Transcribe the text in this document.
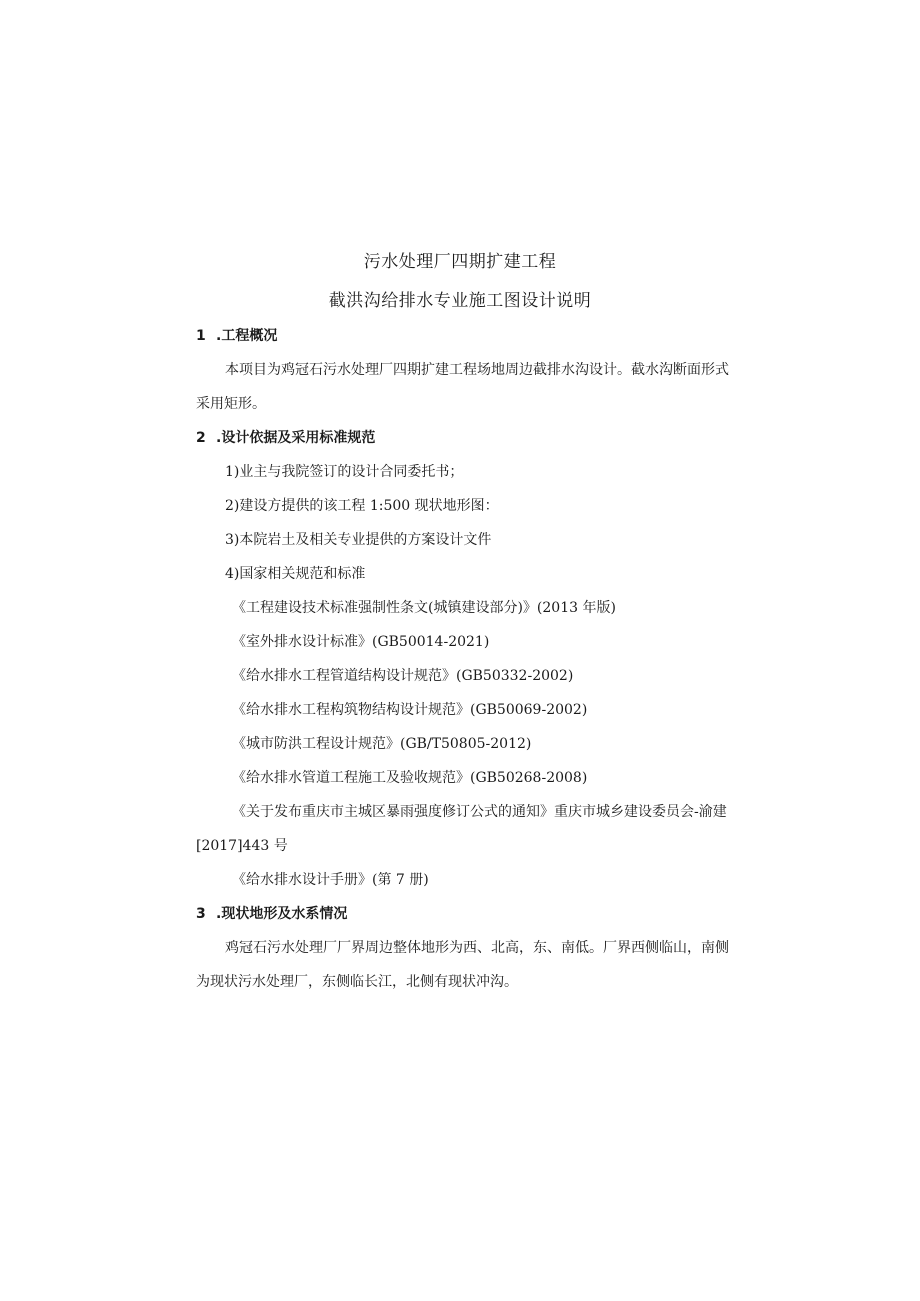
污水处理厂四期扩建工程
截洪沟给排水专业施工图设计说明
1 .工程概况
本项目为鸡冠石污水处理厂四期扩建工程场地周边截排水沟设计。截水沟断面形式
采用矩形。
2 .设计依据及采用标准规范
1)业主与我院签订的设计合同委托书；
2)建设方提供的该工程 1:500 现状地形图：
3)本院岩土及相关专业提供的方案设计文件
4)国家相关规范和标准
《工程建设技术标准强制性条文(城镇建设部分)》(2013 年版)
《室外排水设计标准》(GB50014-2021)
《给水排水工程管道结构设计规范》(GB50332-2002)
《给水排水工程构筑物结构设计规范》(GB50069-2002)
《城市防洪工程设计规范》(GB/T50805-2012)
《给水排水管道工程施工及验收规范》(GB50268-2008)
《关于发布重庆市主城区暴雨强度修订公式的通知》重庆市城乡建设委员会-渝建
[2017]443 号
《给水排水设计手册》(第 7 册)
3 .现状地形及水系情况
鸡冠石污水处理厂厂界周边整体地形为西、北高，东、南低。厂界西侧临山，南侧
为现状污水处理厂，东侧临长江，北侧有现状冲沟。
